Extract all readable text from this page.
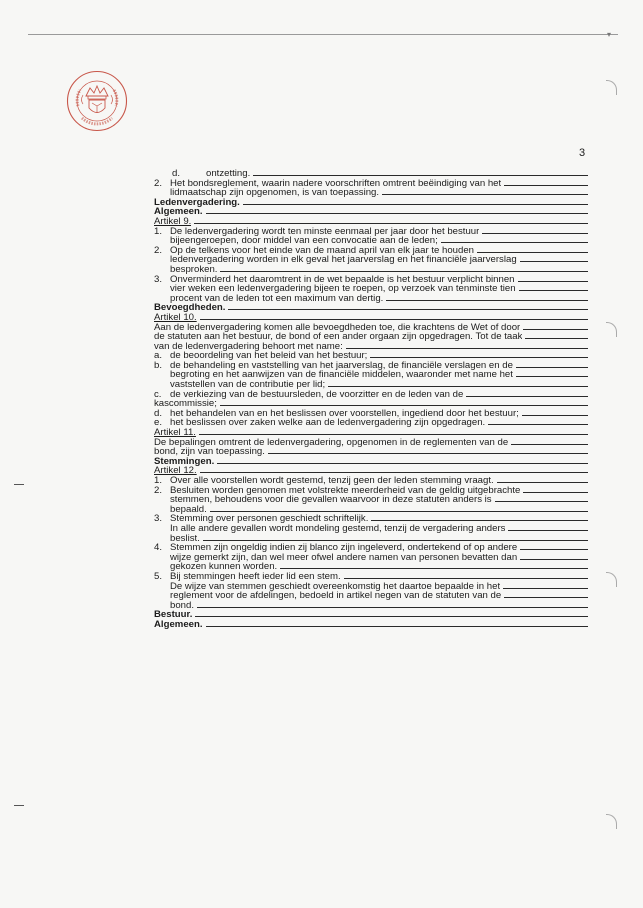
▾
3
d.	ontzetting.
2. Het bondsreglement, waarin nadere voorschriften omtrent beëindiging van het
lidmaatschap zijn opgenomen, is van toepassing.
Ledenvergadering.
Algemeen.
Artikel 9.
1. De ledenvergadering wordt ten minste eenmaal per jaar door het bestuur
bijeengeroepen, door middel van een convocatie aan de leden;
2. Op de telkens voor het einde van de maand april van elk jaar te houden
ledenvergadering worden in elk geval het jaarverslag en het financiële jaarverslag
besproken.
3. Onverminderd het daaromtrent in de wet bepaalde is het bestuur verplicht binnen
vier weken een ledenvergadering bijeen te roepen, op verzoek van tenminste tien
procent van de leden tot een maximum van dertig.
Bevoegdheden.
Artikel 10.
Aan de ledenvergadering komen alle bevoegdheden toe, die krachtens de Wet of door
de statuten aan het bestuur, de bond of een ander orgaan zijn opgedragen. Tot de taak
van de ledenvergadering behoort met name:
a. de beoordeling van het beleid van het bestuur;
b. de behandeling en vaststelling van het jaarverslag, de financiële verslagen en de
begroting en het aanwijzen van de financiële middelen, waaronder met name het
vaststellen van de contributie per lid;
c. de verkiezing van de bestuursleden, de voorzitter en de leden van de
kascommissie;
d. het behandelen van en het beslissen over voorstellen, ingediend door het bestuur;
e. het beslissen over zaken welke aan de ledenvergadering zijn opgedragen.
Artikel 11.
De bepalingen omtrent de ledenvergadering, opgenomen in de reglementen van de
bond, zijn van toepassing.
Stemmingen.
Artikel 12.
1. Over alle voorstellen wordt gestemd, tenzij geen der leden stemming vraagt.
2. Besluiten worden genomen met volstrekte meerderheid van de geldig uitgebrachte
stemmen, behoudens voor die gevallen waarvoor in deze statuten anders is
bepaald.
3. Stemming over personen geschiedt schriftelijk.
In alle andere gevallen wordt mondeling gestemd, tenzij de vergadering anders
beslist.
4. Stemmen zijn ongeldig indien zij blanco zijn ingeleverd, ondertekend of op andere
wijze gemerkt zijn, dan wel meer ofwel andere namen van personen bevatten dan
gekozen kunnen worden.
5. Bij stemmingen heeft ieder lid een stem.
De wijze van stemmen geschiedt overeenkomstig het daartoe bepaalde in het
reglement voor de afdelingen, bedoeld in artikel negen van de statuten van de
bond.
Bestuur.
Algemeen.
